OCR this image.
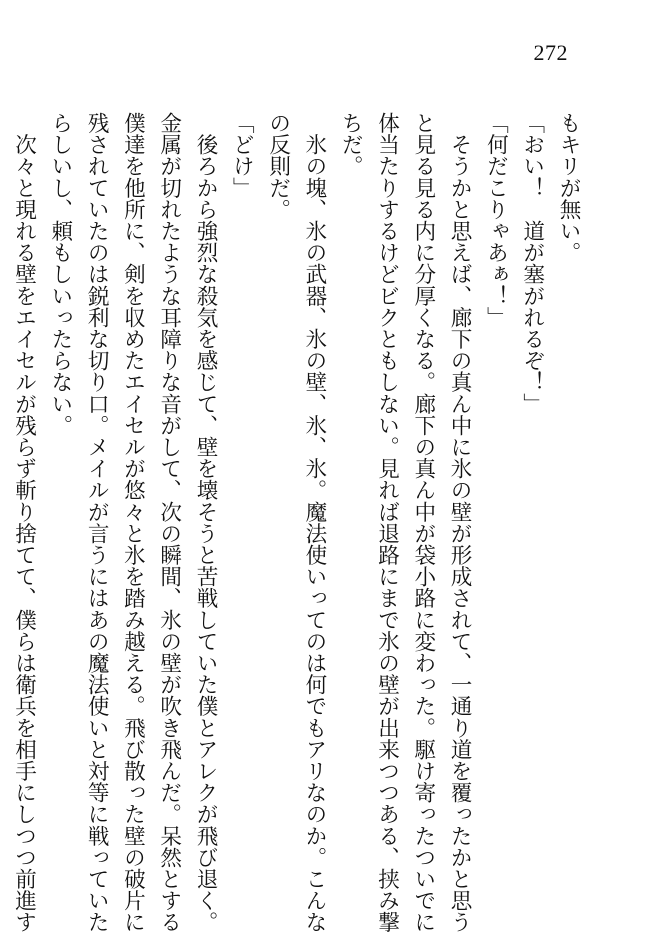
272
もキリが無い。
「おい！　道が塞がれるぞ！」
「何だこりゃあぁ！」
　そうかと思えば、廊下の真ん中に氷の壁が形成されて、一通り道を覆ったかと思う
と見る見る内に分厚くなる。廊下の真ん中が袋小路に変わった。駆け寄ったついでに
体当たりするけどビクともしない。見れば退路にまで氷の壁が出来つつある、挟み撃
ちだ。
　氷の塊、氷の武器、氷の壁、氷、氷。魔法使いってのは何でもアリなのか。こんな
の反則だ。
「どけ」
　後ろから強烈な殺気を感じて、壁を壊そうと苦戦していた僕とアレクが飛び退く。
金属が切れたような耳障りな音がして、次の瞬間、氷の壁が吹き飛んだ。呆然とする
僕達を他所に、剣を収めたエイセルが悠々と氷を踏み越える。飛び散った壁の破片に
残されていたのは鋭利な切り口。メイルが言うにはあの魔法使いと対等に戦っていた
らしいし、頼もしいったらない。
　次々と現れる壁をエイセルが残らず斬り捨てて、僕らは衛兵を相手にしつつ前進す
